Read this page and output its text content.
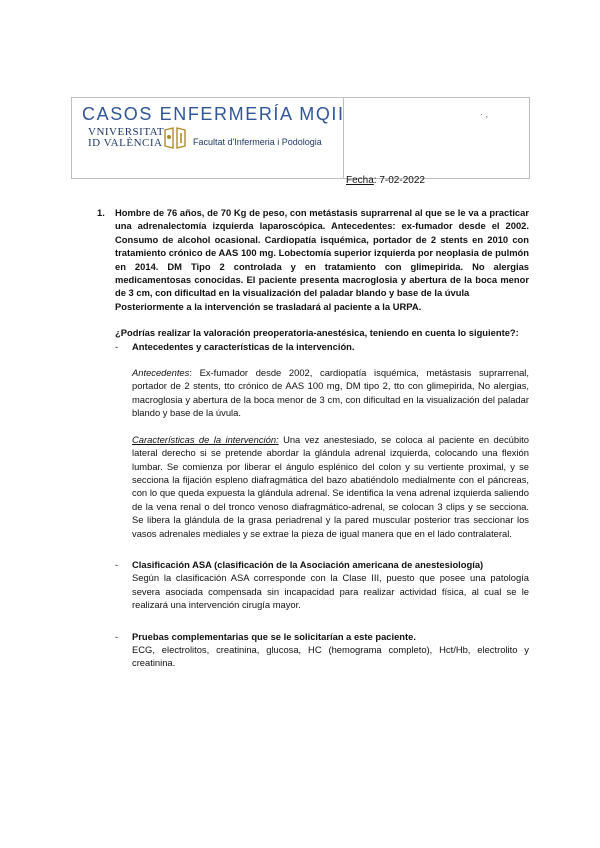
CASOS ENFERMERÍA MQII
VNIVERSITAT
ID VALÈNCIA	Facultat d'Infermeria i Podologia
· ,
Fecha: 7-02-2022
1. Hombre de 76 años, de 70 Kg de peso, con metástasis suprarrenal al que se le va a practicar una adrenalectomía izquierda laparoscópica. Antecedentes: ex-fumador desde el 2002. Consumo de alcohol ocasional. Cardiopatía isquémica, portador de 2 stents en 2010 con tratamiento crónico de AAS 100 mg. Lobectomía superior izquierda por neoplasia de pulmón en 2014. DM Tipo 2 controlada y en tratamiento con glimepirida. No alergias medicamentosas conocidas. El paciente presenta macroglosia y abertura de la boca menor de 3 cm, con dificultad en la visualización del paladar blando y base de la úvula

Posteriormente a la intervención se trasladará al paciente a la URPA.

¿Podrías realizar la valoración preoperatoria-anestésica, teniendo en cuenta lo siguiente?:
- Antecedentes y características de la intervención.

Antecedentes: Ex-fumador desde 2002, cardiopatía isquémica, metástasis suprarrenal, portador de 2 stents, tto crónico de AAS 100 mg, DM tipo 2, tto con glimepirida, No alergias, macroglosia y abertura de la boca menor de 3 cm, con dificultad en la visualización del paladar blando y base de la úvula.

Características de la intervención: Una vez anestesiado, se coloca al paciente en decúbito lateral derecho si se pretende abordar la glándula adrenal izquierda, colocando una flexión lumbar. Se comienza por liberar el ángulo esplénico del colon y su vertiente proximal, y se secciona la fijación espleno diafragmática del bazo abatiéndolo medialmente con el páncreas, con lo que queda expuesta la glándula adrenal. Se identifica la vena adrenal izquierda saliendo de la vena renal o del tronco venoso diafragmático-adrenal, se colocan 3 clips y se secciona. Se libera la glándula de la grasa periadrenal y la pared muscular posterior tras seccionar los vasos adrenales mediales y se extrae la pieza de igual manera que en el lado contralateral.

- Clasificación ASA (clasificación de la Asociación americana de anestesiología)
Según la clasificación ASA corresponde con la Clase III, puesto que posee una patología severa asociada compensada sin incapacidad para realizar actividad física, al cual se le realizará una intervención cirugía mayor.
- Pruebas complementarias que se le solicitarían a este paciente.
ECG, electrolitos, creatinina, glucosa, HC (hemograma completo), Hct/Hb, electrolito y creatinina.
